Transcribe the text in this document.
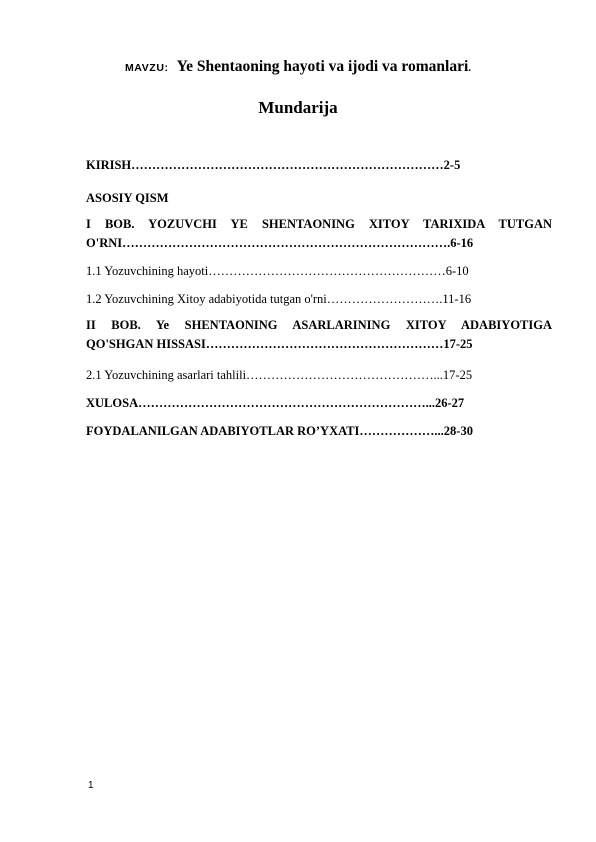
MAVZU: Ye Shentaoning hayoti va ijodi va romanlari.
Mundarija
KIRISH…………………………………………………………………2-5
ASOSIY QISM
I BOB. YOZUVCHI YE SHENTAONING XITOY TARIXIDA TUTGAN
O'RNI…………………………………………………………………….6-16
1.1 Yozuvchining hayoti…………………………………………………6-10
1.2 Yozuvchining Xitoy adabiyotida tutgan o'rni……………………….11-16
II BOB. Ye SHENTAONING ASARLARINING XITOY ADABIYOTIGA
QO'SHGAN HISSASI…………………………………………………17-25
2.1 Yozuvchining asarlari tahlili………………………………………...17-25
XULOSA……………………………………………………………...26-27
FOYDALANILGAN ADABIYOTLAR RO’YXATI………………...28-30
1
